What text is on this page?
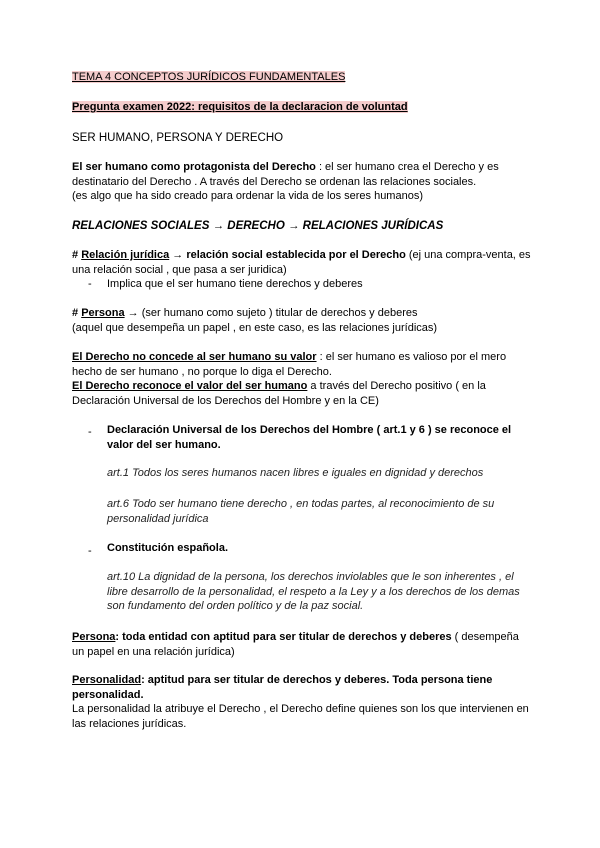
TEMA 4 CONCEPTOS JURÍDICOS FUNDAMENTALES

Pregunta examen 2022: requisitos de la declaracion de voluntad

SER HUMANO, PERSONA Y DERECHO

El ser humano como protagonista del Derecho : el ser humano crea el Derecho y es destinatario del Derecho . A través del Derecho se ordenan las relaciones sociales.
(es algo que ha sido creado para ordenar la vida de los seres humanos)

RELACIONES SOCIALES → DERECHO → RELACIONES JURÍDICAS

# Relación jurídica → relación social establecida por el Derecho (ej una compra-venta, es una relación social , que pasa a ser juridica)

-	Implica que el ser humano tiene derechos y deberes

# Persona → (ser humano como sujeto ) titular de derechos y deberes
(aquel que desempeña un papel , en este caso, es las relaciones jurídicas)

El Derecho no concede al ser humano su valor : el ser humano es valioso por el mero hecho de ser humano , no porque lo diga el Derecho.
El Derecho reconoce el valor del ser humano a través del Derecho positivo ( en la Declaración Universal de los Derechos del Hombre y en la CE)

-	Declaración Universal de los Derechos del Hombre ( art.1 y 6 ) se reconoce el valor del ser humano.

art.1 Todos los seres humanos nacen libres e iguales en dignidad y derechos

art.6 Todo ser humano tiene derecho , en todas partes, al reconocimiento de su personalidad jurídica

-	Constitución española.

art.10 La dignidad de la persona, los derechos inviolables que le son inherentes , el libre desarrollo de la personalidad, el respeto a la Ley y a los derechos de los demas son fundamento del orden político y de la paz social.

Persona: toda entidad con aptitud para ser titular de derechos y deberes ( desempeña un papel en una relación jurídica)

Personalidad: aptitud para ser titular de derechos y deberes. Toda persona tiene personalidad.
La personalidad la atribuye el Derecho , el Derecho define quienes son los que intervienen en las relaciones jurídicas.
